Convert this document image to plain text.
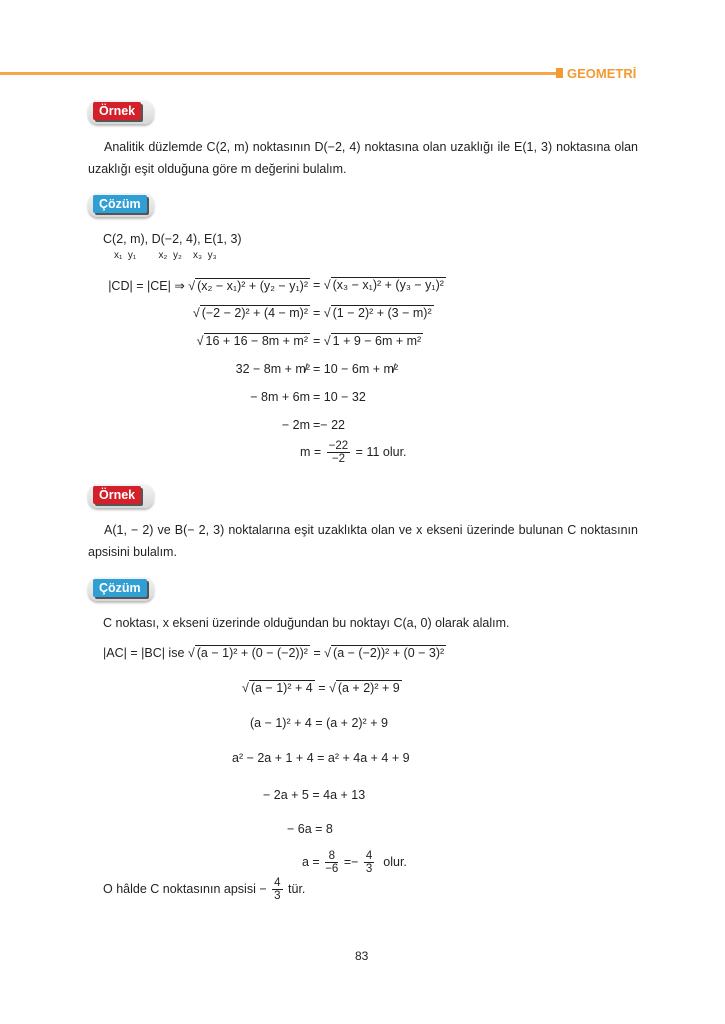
GEOMETRİ
Örnek
Analitik düzlemde C(2, m) noktasının D(−2, 4) noktasına olan uzaklığı ile E(1, 3) noktasına olan uzaklığı eşit olduğuna göre m değerini bulalım.
Çözüm
C(2, m), D(−2, 4), E(1, 3)
x₁  y₁        x₂  y₂    x₃  y₃
|CD| = |CE| ⇒ √ (x₂ − x₁)² + (y₂ − y₁)² = √ (x₃ − x₁)² + (y₃ − y₁)²
√ (−2 − 2)² + (4 − m)² = √ (1 − 2)² + (3 − m)²
√ 16 + 16 − 8m + m² = √ 1 + 9 − 6m + m²
32 − 8m + m̸² = 10 − 6m + m̸²
− 8m + 6m = 10 − 32
− 2m =− 22
$m = \frac{-22}{-2} = 11$ olur.
Örnek
A(1, − 2) ve B(− 2, 3) noktalarına eşit uzaklıkta olan ve x ekseni üzerinde bulunan C noktasının apsisini bulalım.
Çözüm
C noktası, x ekseni üzerinde olduğundan bu noktayı C(a, 0) olarak alalım.
|AC| = |BC| ise √ (a − 1)² + (0 − (−2))² = √ (a − (−2))² + (0 − 3)²
√ (a − 1)² + 4 = √ (a + 2)² + 9
(a − 1)² + 4 = (a + 2)² + 9
a² − 2a + 1 + 4 = a² + 4a + 4 + 9
− 2a + 5 = 4a + 13
− 6a = 8
$a = \frac{8}{-6} =- \frac{4}{3}$ olur.
O hâlde C noktasının apsisi − $\frac{4}{3}$ tür.
83
